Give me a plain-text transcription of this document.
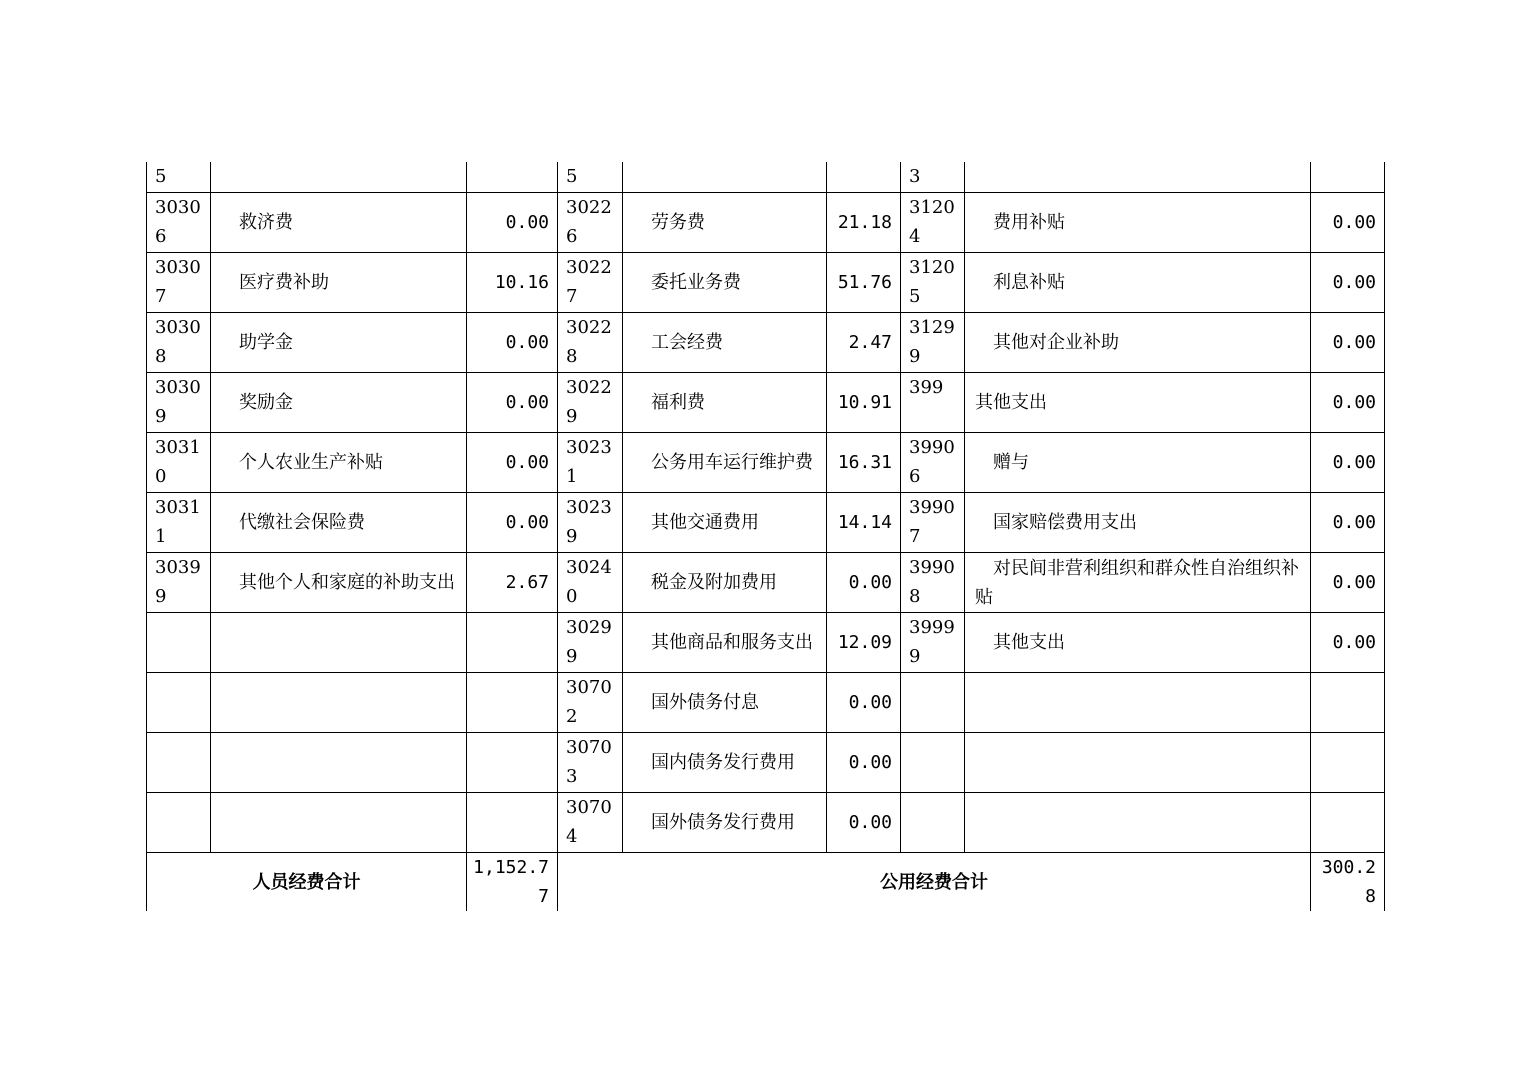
5			5			3		
30306	救济费	0.00	30226	劳务费	21.18	31204	费用补贴	0.00
30307	医疗费补助	10.16	30227	委托业务费	51.76	31205	利息补贴	0.00
30308	助学金	0.00	30228	工会经费	2.47	31299	其他对企业补助	0.00
30309	奖励金	0.00	30229	福利费	10.91	399	其他支出	0.00
30310	个人农业生产补贴	0.00	30231	公务用车运行维护费	16.31	39906	赠与	0.00
30311	代缴社会保险费	0.00	30239	其他交通费用	14.14	39907	国家赔偿费用支出	0.00
30399	其他个人和家庭的补助支出	2.67	30240	税金及附加费用	0.00	39908	对民间非营利组织和群众性自治组织补贴	0.00
			30299	其他商品和服务支出	12.09	39999	其他支出	0.00
			30702	国外债务付息	0.00			
			30703	国内债务发行费用	0.00			
			30704	国外债务发行费用	0.00			
人员经费合计		1,152.77	公用经费合计					300.28
